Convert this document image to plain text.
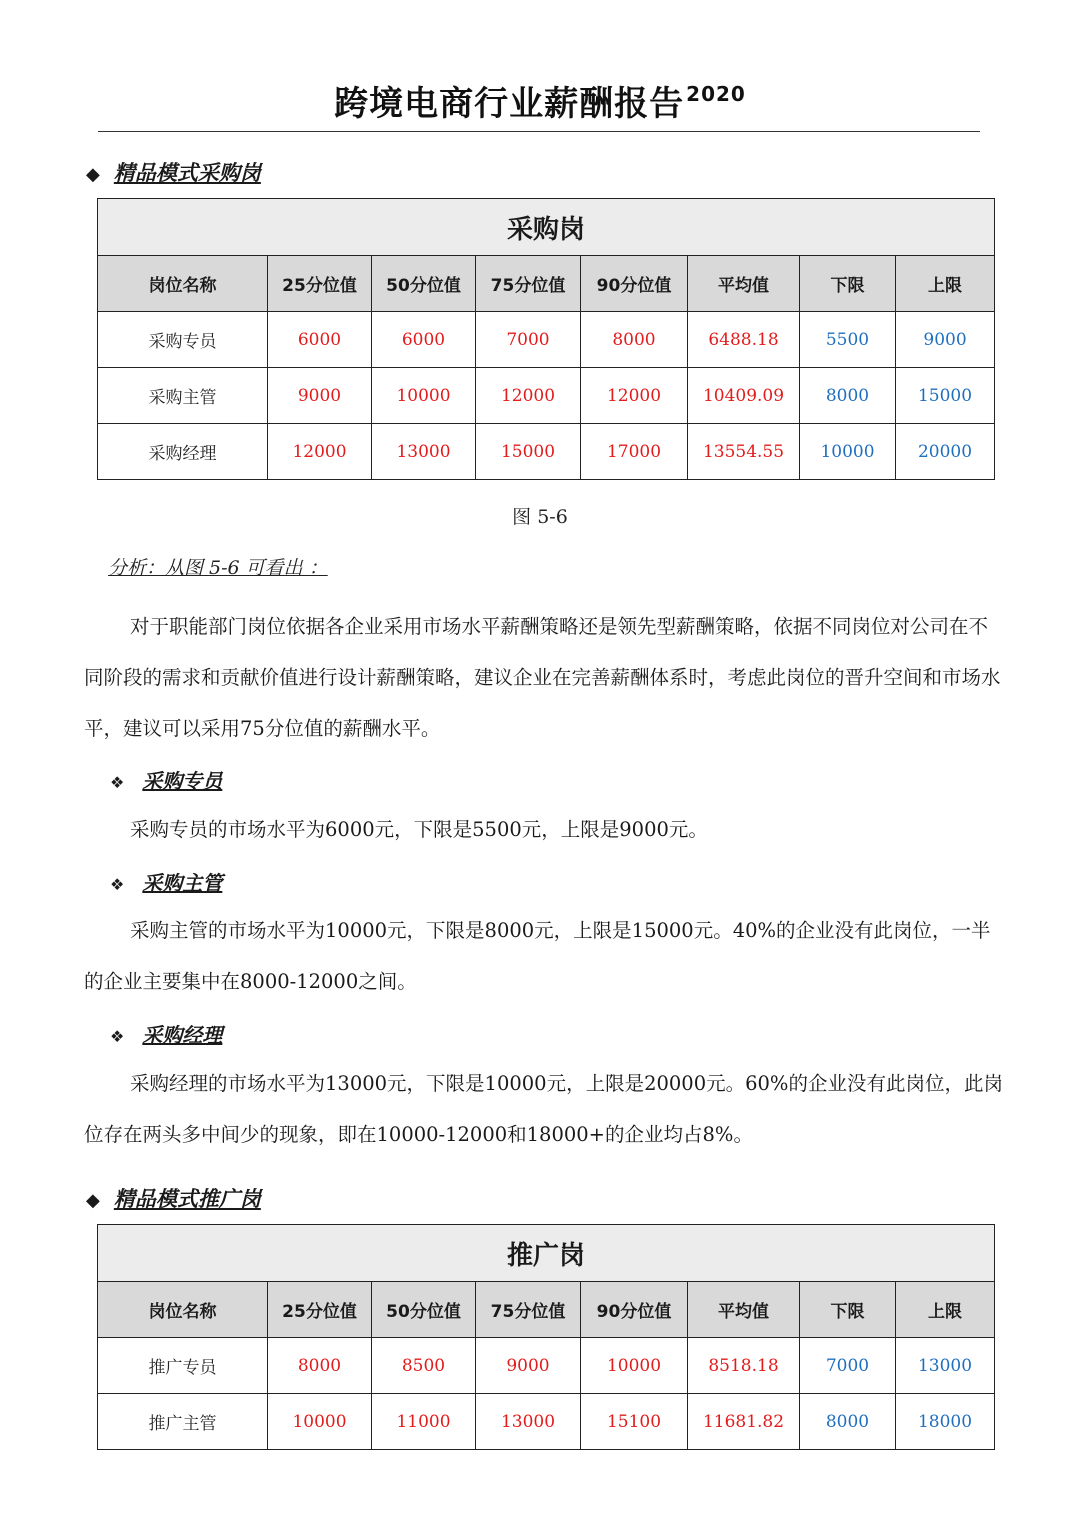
跨境电商行业薪酬报告 $^{2020}$
◆ 精品模式采购岗
采购岗							
岗位名称	25分位值	50分位值	75分位值	90分位值	平均值	下限	上限
采购专员	6000	6000	7000	8000	6488.18	5500	9000
采购主管	9000	10000	12000	12000	10409.09	8000	15000
采购经理	12000	13000	15000	17000	13554.55	10000	20000
图 5-6
分析：从图 5-6 可看出 ：
对于职能部门岗位依据各企业采用市场水平薪酬策略还是领先型薪酬策略，依据不同岗位对公司在不同阶段的需求和贡献价值进行设计薪酬策略，建议企业在完善薪酬体系时，考虑此岗位的晋升空间和市场水平，建议可以采用75分位值的薪酬水平。
❖ 采购专员
采购专员的市场水平为6000元，下限是5500元，上限是9000元。
❖ 采购主管
采购主管的市场水平为10000元，下限是8000元，上限是15000元。40%的企业没有此岗位，一半的企业主要集中在8000-12000之间。
❖ 采购经理
采购经理的市场水平为13000元，下限是10000元，上限是20000元。60%的企业没有此岗位，此岗位存在两头多中间少的现象，即在10000-12000和18000+的企业均占8%。
◆ 精品模式推广岗
推广岗							
岗位名称	25分位值	50分位值	75分位值	90分位值	平均值	下限	上限
推广专员	8000	8500	9000	10000	8518.18	7000	13000
推广主管	10000	11000	13000	15100	11681.82	8000	18000
